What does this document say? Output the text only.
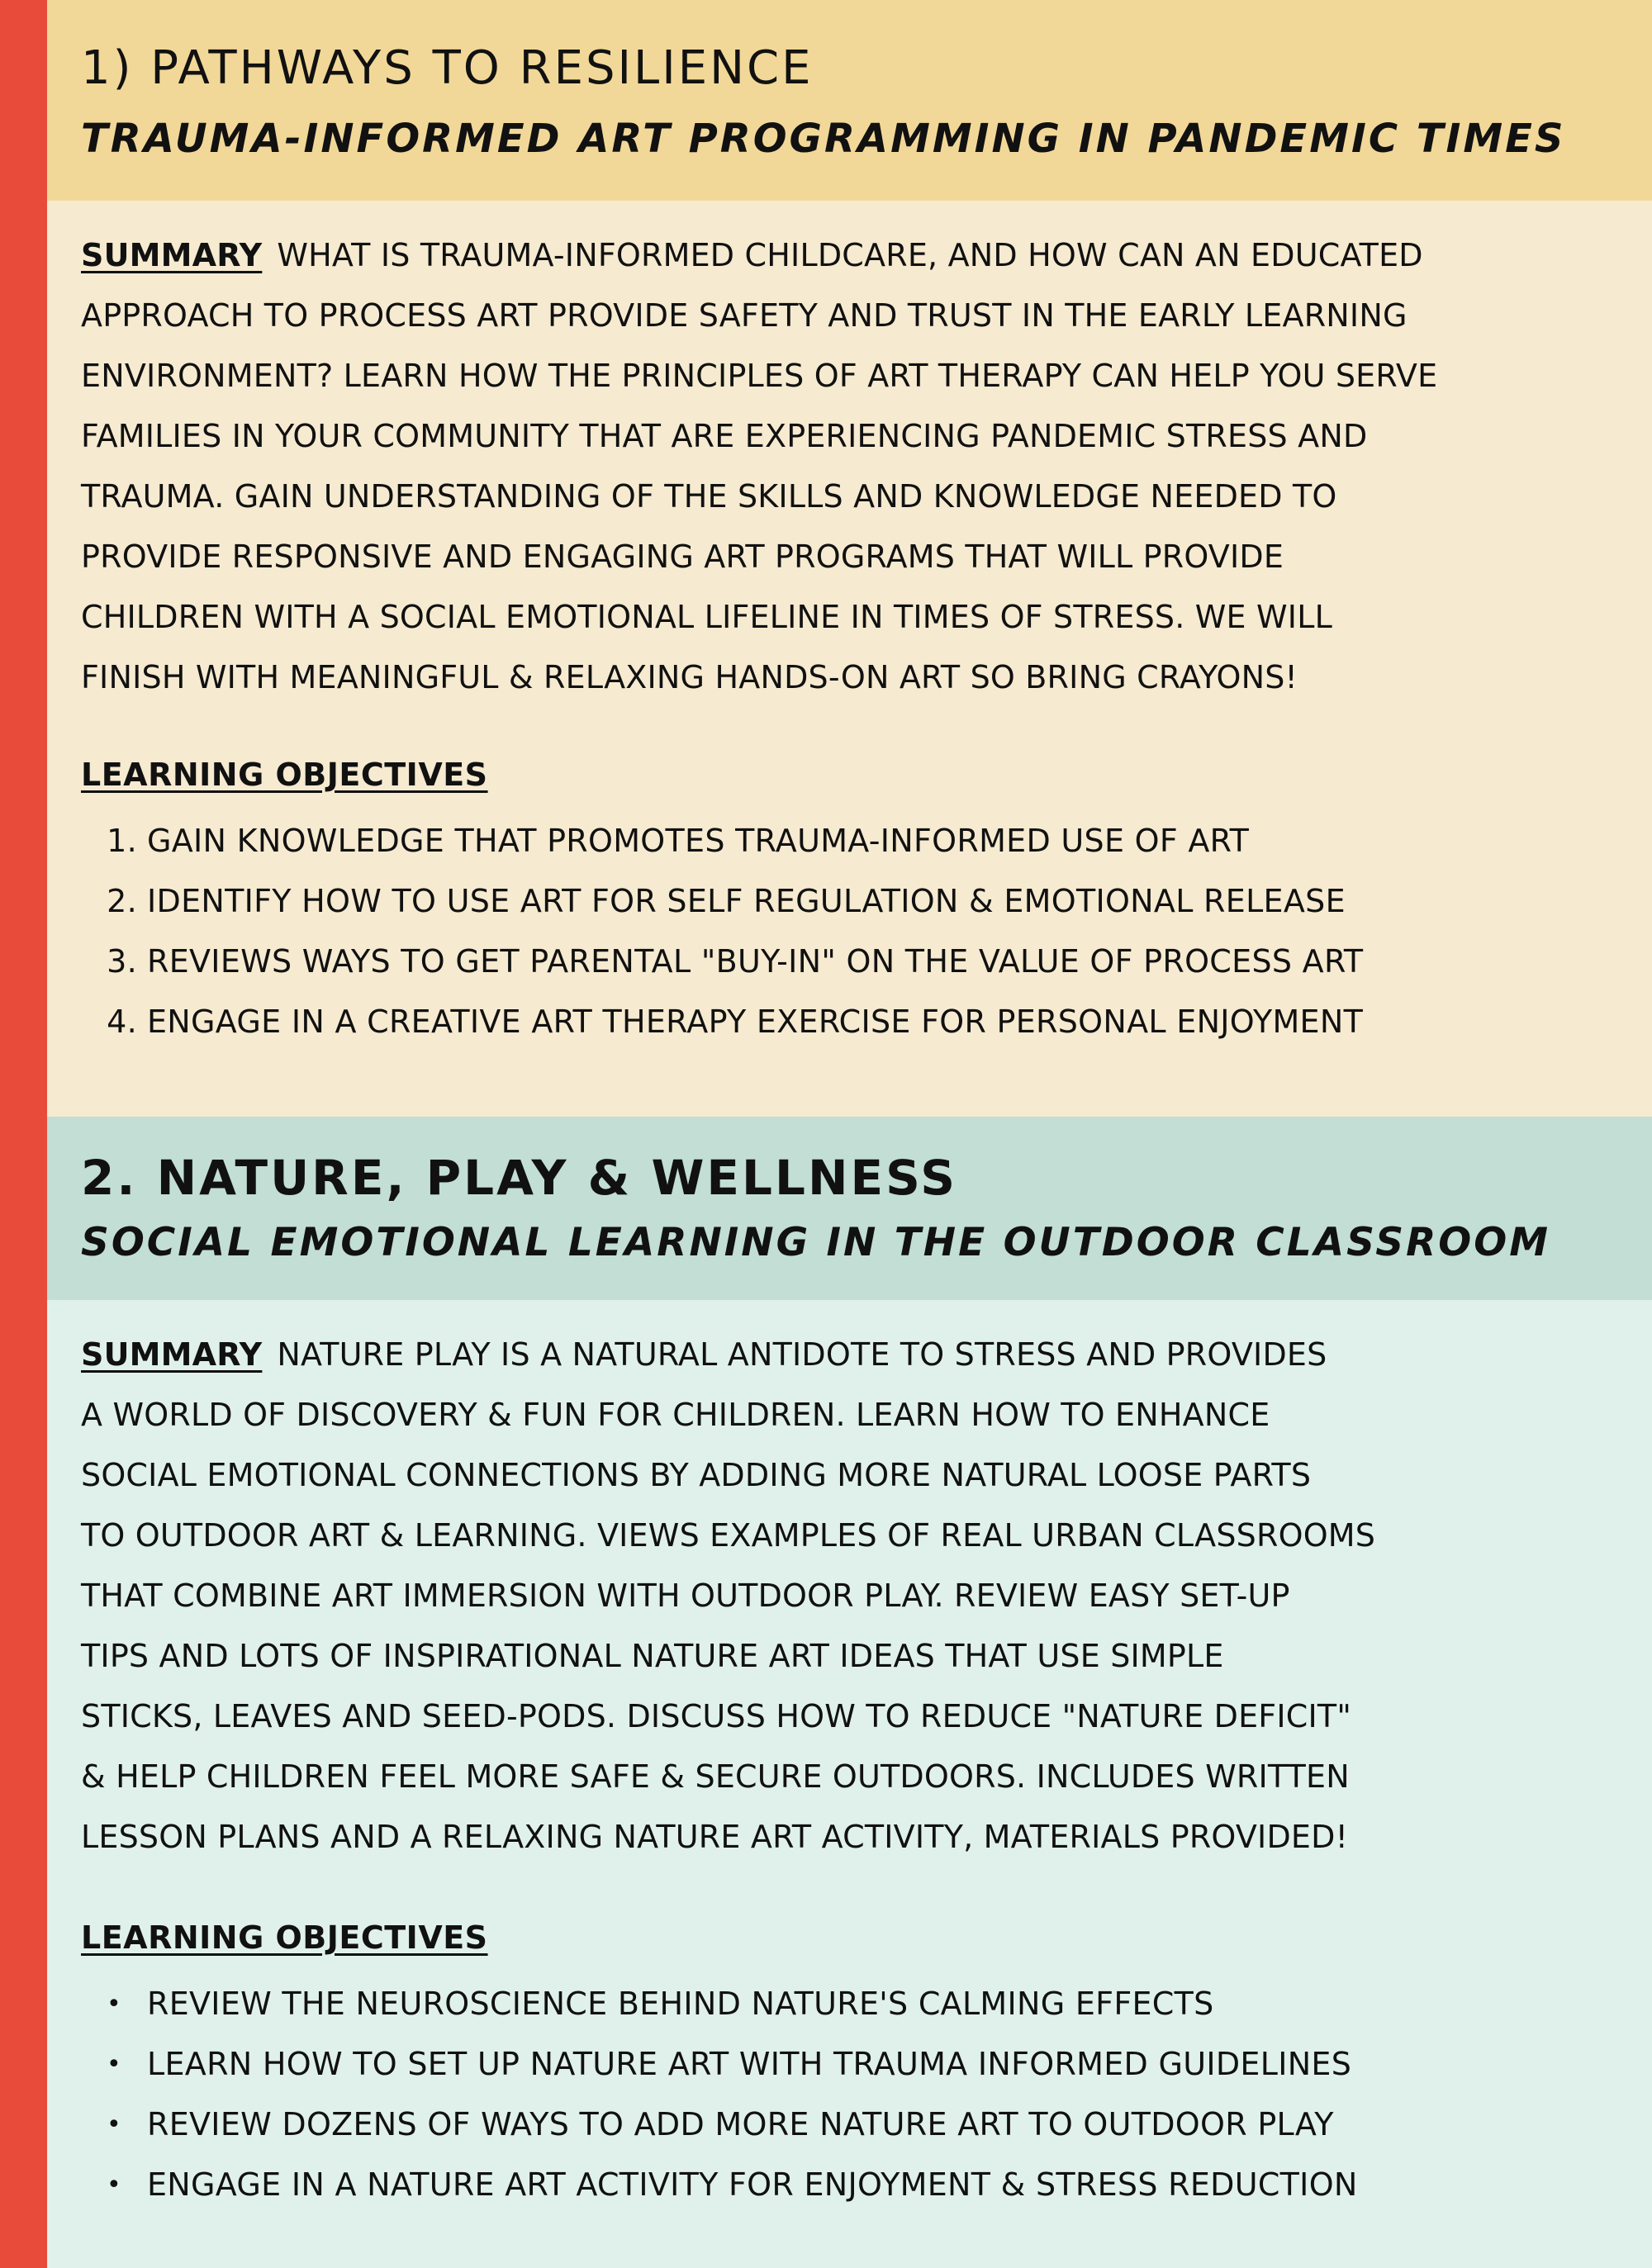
1) PATHWAYS TO RESILIENCE
TRAUMA-INFORMED ART PROGRAMMING IN PANDEMIC TIMES
SUMMARY WHAT IS TRAUMA-INFORMED CHILDCARE, AND HOW CAN AN EDUCATED
APPROACH TO PROCESS ART PROVIDE SAFETY AND TRUST IN THE EARLY LEARNING
ENVIRONMENT? LEARN HOW THE PRINCIPLES OF ART THERAPY CAN HELP YOU SERVE
FAMILIES IN YOUR COMMUNITY THAT ARE EXPERIENCING PANDEMIC STRESS AND
TRAUMA. GAIN UNDERSTANDING OF THE SKILLS AND KNOWLEDGE NEEDED TO
PROVIDE RESPONSIVE AND ENGAGING ART PROGRAMS THAT WILL PROVIDE
CHILDREN WITH A SOCIAL EMOTIONAL LIFELINE IN TIMES OF STRESS. WE WILL
FINISH WITH MEANINGFUL & RELAXING HANDS-ON ART SO BRING CRAYONS!
LEARNING OBJECTIVES
1. GAIN KNOWLEDGE THAT PROMOTES TRAUMA-INFORMED USE OF ART
2. IDENTIFY HOW TO USE ART FOR SELF REGULATION & EMOTIONAL RELEASE
3. REVIEWS WAYS TO GET PARENTAL "BUY-IN" ON THE VALUE OF PROCESS ART
4. ENGAGE IN A CREATIVE ART THERAPY EXERCISE FOR PERSONAL ENJOYMENT
2. NATURE, PLAY & WELLNESS
SOCIAL EMOTIONAL LEARNING IN THE OUTDOOR CLASSROOM
SUMMARY NATURE PLAY IS A NATURAL ANTIDOTE TO STRESS AND PROVIDES
A WORLD OF DISCOVERY & FUN FOR CHILDREN. LEARN HOW TO ENHANCE
SOCIAL EMOTIONAL CONNECTIONS BY ADDING MORE NATURAL LOOSE PARTS
TO OUTDOOR ART & LEARNING. VIEWS EXAMPLES OF REAL URBAN CLASSROOMS
THAT COMBINE ART IMMERSION WITH OUTDOOR PLAY. REVIEW EASY SET-UP
TIPS AND LOTS OF INSPIRATIONAL NATURE ART IDEAS THAT USE SIMPLE
STICKS, LEAVES AND SEED-PODS. DISCUSS HOW TO REDUCE "NATURE DEFICIT"
& HELP CHILDREN FEEL MORE SAFE & SECURE OUTDOORS. INCLUDES WRITTEN
LESSON PLANS AND A RELAXING NATURE ART ACTIVITY, MATERIALS PROVIDED!
LEARNING OBJECTIVES
• REVIEW THE NEUROSCIENCE BEHIND NATURE'S CALMING EFFECTS
• LEARN HOW TO SET UP NATURE ART WITH TRAUMA INFORMED GUIDELINES
• REVIEW DOZENS OF WAYS TO ADD MORE NATURE ART TO OUTDOOR PLAY
• ENGAGE IN A NATURE ART ACTIVITY FOR ENJOYMENT & STRESS REDUCTION
